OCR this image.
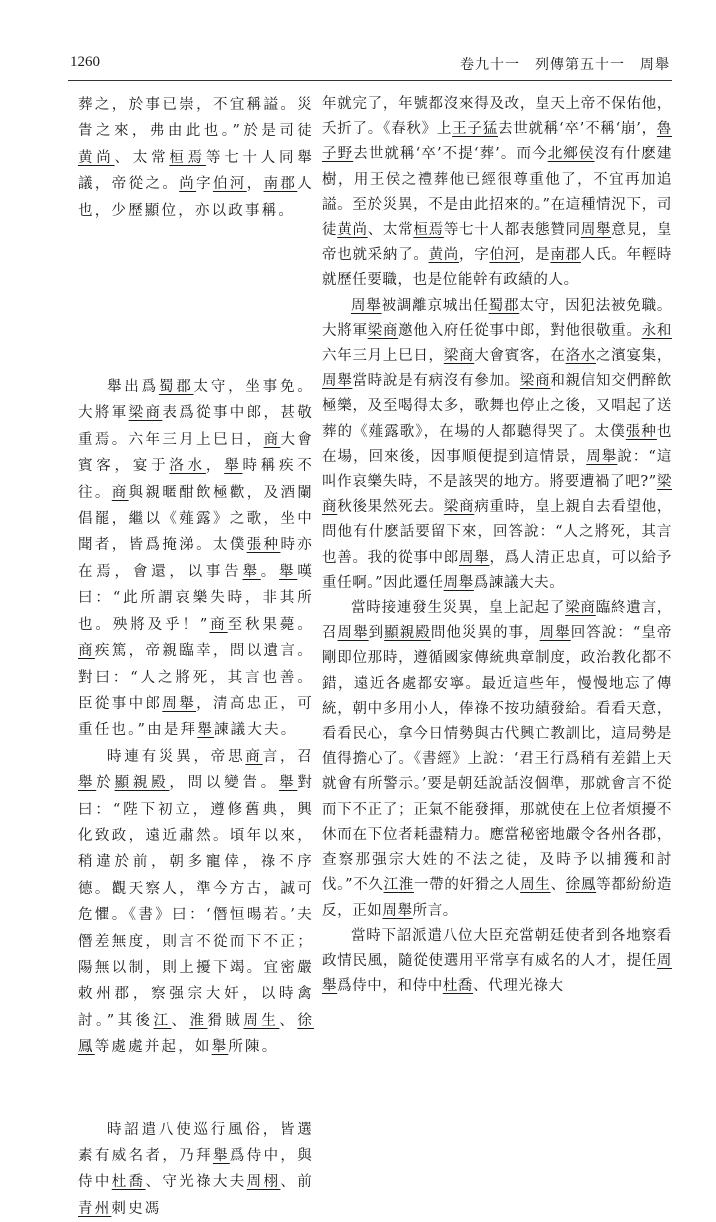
1260	卷九十一　列傳第五十一　周舉

葬之，於事已崇，不宜稱謚。災眚之來，弗由此也。”於是司徒黄尚、太常桓焉等七十人同舉議，帝從之。尚字伯河，南郡人也，少歷顯位，亦以政事稱。

舉出爲蜀郡太守，坐事免。大將軍梁商表爲從事中郎，甚敬重焉。六年三月上巳日，商大會賓客，宴于洛水，舉時稱疾不往。商與親暱酣飲極歡，及酒闌倡罷，繼以《薤露》之歌，坐中聞者，皆爲掩涕。太僕張种時亦在焉，會還，以事告舉。舉嘆曰：“此所謂哀樂失時，非其所也。殃將及乎！”商至秋果薨。商疾篤，帝親臨幸，問以遺言。對曰：“人之將死，其言也善。臣從事中郎周舉，清高忠正，可重任也。”由是拜舉諫議大夫。

時連有災異，帝思商言，召舉於顯親殿，問以變眚。舉對曰：“陛下初立，遵修舊典，興化致政，遠近肅然。頃年以來，稍違於前，朝多寵倖，祿不序德。觀天察人，準今方古，誠可危懼。《書》曰：‘僭恒暘若。’夫僭差無度，則言不從而下不正；陽無以制，則上擾下竭。宜密嚴敕州郡，察强宗大奸，以時禽討。”其後江、淮猾賊周生、徐鳳等處處并起，如舉所陳。

時詔遣八使巡行風俗，皆選素有威名者，乃拜舉爲侍中，與侍中杜喬、守光祿大夫周栩、前青州刺史馮

年就完了，年號都沒來得及改，皇天上帝不保佑他，夭折了。《春秋》上王子猛去世就稱‘卒’不稱‘崩’，魯子野去世就稱‘卒’不提‘葬’。而今北鄉侯沒有什麽建樹，用王侯之禮葬他已經很尊重他了，不宜再加追謚。至於災異，不是由此招來的。”在這種情況下，司徒黄尚、太常桓焉等七十人都表態贊同周舉意見，皇帝也就采納了。黄尚，字伯河，是南郡人氏。年輕時就歷任要職，也是位能幹有政績的人。

周舉被調離京城出任蜀郡太守，因犯法被免職。大將軍梁商邀他入府任從事中郎，對他很敬重。永和六年三月上巳日，梁商大會賓客，在洛水之濱宴集，周舉當時說是有病沒有參加。梁商和親信知交們醉飲極樂，及至喝得太多，歌舞也停止之後，又唱起了送葬的《薤露歌》，在場的人都聽得哭了。太僕張种也在場，回來後，因事順便提到這情景，周舉說：“這叫作哀樂失時，不是該哭的地方。將要遭禍了吧?”梁商秋後果然死去。梁商病重時，皇上親自去看望他，問他有什麽話要留下來，回答說：“人之將死，其言也善。我的從事中郎周舉，爲人清正忠貞，可以給予重任啊。”因此遷任周舉爲諫議大夫。

當時接連發生災異，皇上記起了梁商臨終遺言，召周舉到顯親殿問他災異的事，周舉回答說：“皇帝剛即位那時，遵循國家傳統典章制度，政治教化都不錯，遠近各處都安寧。最近這些年，慢慢地忘了傳統，朝中多用小人，俸祿不按功績發給。看看天意，看看民心，拿今日情勢與古代興亡教訓比，這局勢是值得擔心了。《書經》上說：‘君王行爲稍有差錯上天就會有所警示。’要是朝廷說話沒個準，那就會言不從而下不正了；正氣不能發揮，那就使在上位者煩擾不休而在下位者耗盡精力。應當秘密地嚴令各州各郡，查察那强宗大姓的不法之徒，及時予以捕獲和討伐。”不久江淮一帶的奸猾之人周生、徐鳳等都紛紛造反，正如周舉所言。

當時下詔派遣八位大臣充當朝廷使者到各地察看政情民風，隨從使選用平常享有威名的人才，提任周舉爲侍中，和侍中杜喬、代理光祿大
